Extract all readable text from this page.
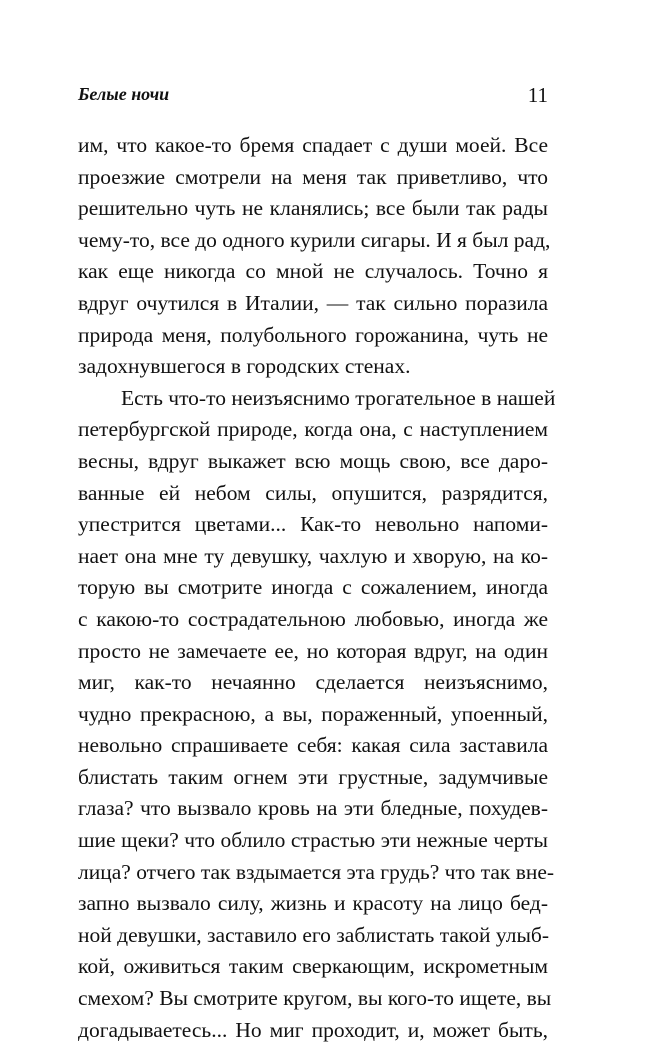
Белые ночи	11
им, что какое-то бремя спадает с души моей. Все
проезжие смотрели на меня так приветливо, что
решительно чуть не кланялись; все были так рады
чему-то, все до одного курили сигары. И я был рад,
как еще никогда со мной не случалось. Точно я
вдруг очутился в Италии, — так сильно поразила
природа меня, полубольного горожанина, чуть не
задохнувшегося в городских стенах.
Есть что-то неизъяснимо трогательное в нашей
петербургской природе, когда она, с наступлением
весны, вдруг выкажет всю мощь свою, все даро-
ванные ей небом силы, опушится, разрядится,
упестрится цветами... Как-то невольно напоми-
нает она мне ту девушку, чахлую и хворую, на ко-
торую вы смотрите иногда с сожалением, иногда
с какою-то сострадательною любовью, иногда же
просто не замечаете ее, но которая вдруг, на один
миг, как-то нечаянно сделается неизъяснимо,
чудно прекрасною, а вы, пораженный, упоенный,
невольно спрашиваете себя: какая сила заставила
блистать таким огнем эти грустные, задумчивые
глаза? что вызвало кровь на эти бледные, похудев-
шие щеки? что облило страстью эти нежные черты
лица? отчего так вздымается эта грудь? что так вне-
запно вызвало силу, жизнь и красоту на лицо бед-
ной девушки, заставило его заблистать такой улыб-
кой, оживиться таким сверкающим, искрометным
смехом? Вы смотрите кругом, вы кого-то ищете, вы
догадываетесь... Но миг проходит, и, может быть,
